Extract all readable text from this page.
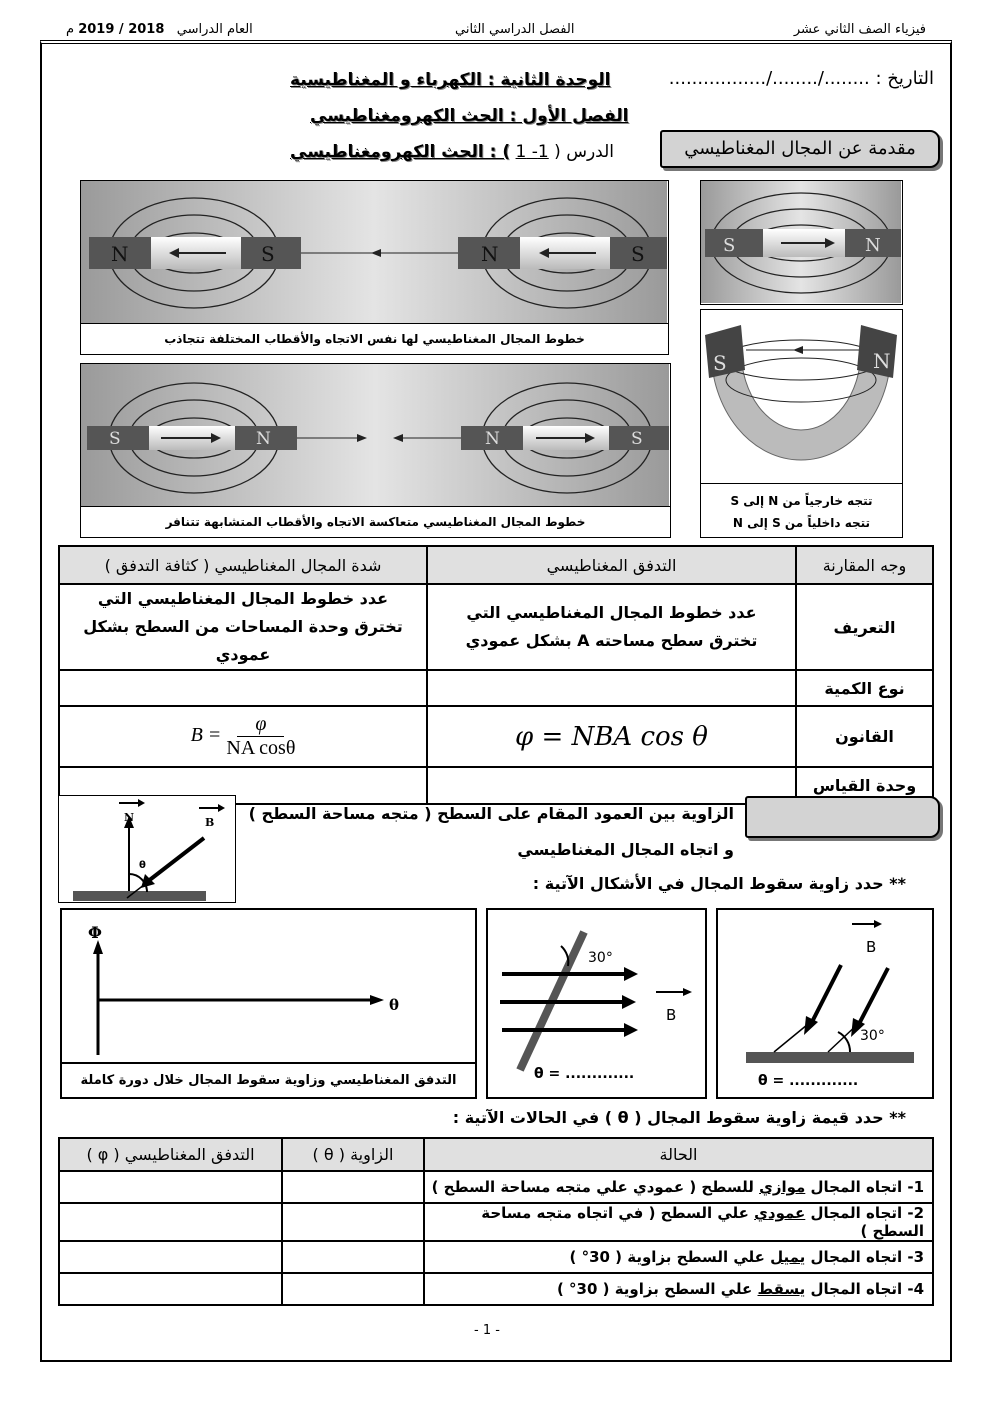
فيزياء الصف الثاني عشر
الفصل الدراسي الثاني
العام الدراسي   2018 / 2019 م
التاريخ : ......../......../.................
الوحدة الثانية : الكهرباء و المغناطيسية
الفصل الأول : الحث الكهرومغناطيسي
الدرس ( 1- 1 ) : الحث الكهرومغناطيسي	مقدمة عن المجال المغناطيسي
N	S	N	S
خطوط المجال المغناطيسي لها نفس الاتجاه والأقطاب المختلفة تتجاذب
S	N	N	S
خطوط المجال المغناطيسي متعاكسة الاتجاه والأقطاب المتشابهة تتنافر
S	N
S	N
تتجه خارجياً من N إلى S
تتجه داخلياً من S إلى N
وجه المقارنة	التدفق المغناطيسي	شدة المجال المغناطيسي ( كثافة التدفق )
التعريف	عدد خطوط المجال المغناطيسي التي تخترق سطح مساحته A بشكل عمودي	عدد خطوط المجال المغناطيسي التي تخترق وحدة المساحات من السطح بشكل عمودي
نوع الكمية		
القانون	φ = NBA cos θ	$B = \frac{\varphi}{\text{NA cosθ}}$

وحدة القياس		
N	B
θ
الزاوية بين العمود المقام على السطح ( متجه مساحة السطح )
و اتجاه المجال المغناطيسي
** حدد زاوية سقوط المجال في الأشكال الآتية :
Φ
θ
التدفق المغناطيسي وزاوية سقوط المجال خلال دورة كاملة
30°
B
θ = .............
B
30°
θ = .............
** حدد قيمة زاوية سقوط المجال ( θ ) في الحالات الآتية :
الحالة	الزاوية ( θ )	التدفق المغناطيسي ( φ )
1- اتجاه المجال موازي للسطح ( عمودي علي متجه مساحة السطح )		
2- اتجاه المجال عمودي علي السطح ( في اتجاه متجه مساحة السطح )		
3- اتجاه المجال يميل علي السطح بزاوية ( 30° )		
4- اتجاه المجال يسقط علي السطح بزاوية ( 30° )		
- 1 -
